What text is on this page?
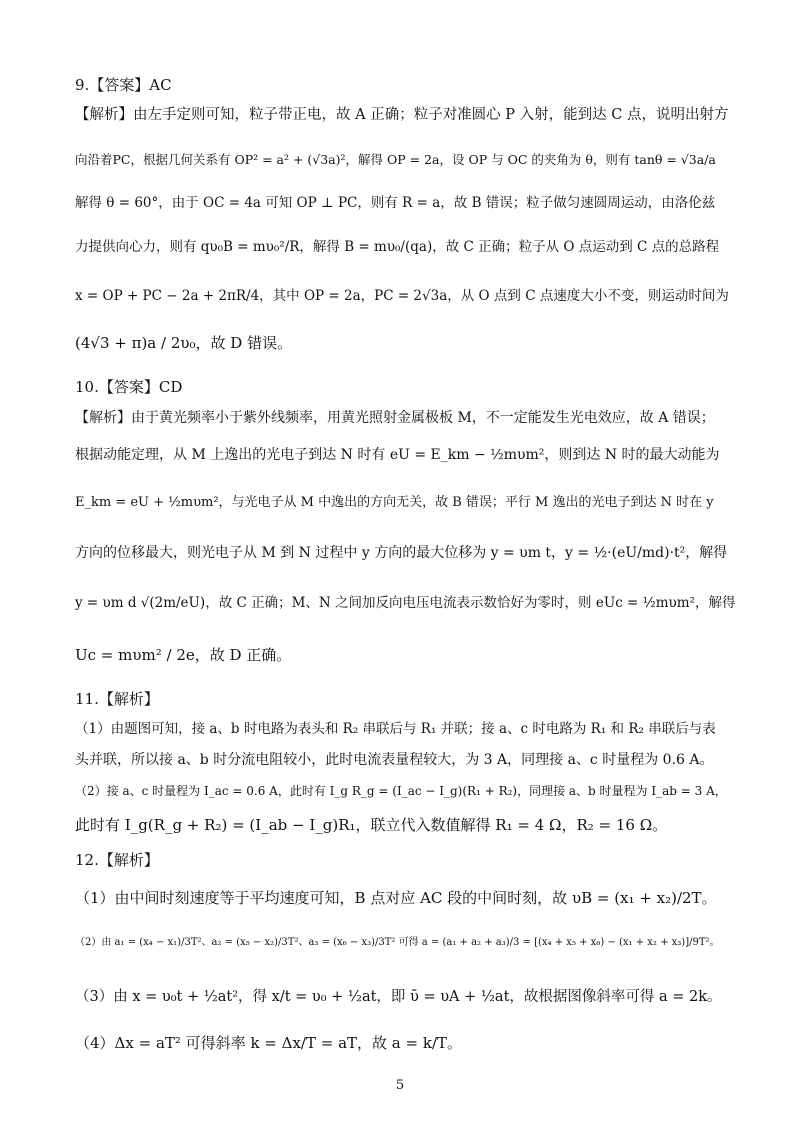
9.【答案】AC
【解析】由左手定则可知，粒子带正电，故 A 正确；粒子对准圆心 P 入射，能到达 C 点，说明出射方
向沿着PC，根据几何关系有 OP² = a² + (√3a)²，解得 OP = 2a，设 OP 与 OC 的夹角为 θ，则有 tanθ = √3a/a
解得 θ = 60°，由于 OC = 4a 可知 OP ⊥ PC，则有 R = a，故 B 错误；粒子做匀速圆周运动，由洛伦兹
力提供向心力，则有 qυ₀B = mυ₀²/R，解得 B = mυ₀/(qa)，故 C 正确；粒子从 O 点运动到 C 点的总路程
x = OP + PC − 2a + 2πR/4，其中 OP = 2a，PC = 2√3a，从 O 点到 C 点速度大小不变，则运动时间为
(4√3 + π)a / 2υ₀，故 D 错误。
10.【答案】CD
【解析】由于黄光频率小于紫外线频率，用黄光照射金属极板 M，不一定能发生光电效应，故 A 错误；
根据动能定理，从 M 上逸出的光电子到达 N 时有 eU = E_km − ½mυm²，则到达 N 时的最大动能为
E_km = eU + ½mυm²，与光电子从 M 中逸出的方向无关，故 B 错误；平行 M 逸出的光电子到达 N 时在 y
方向的位移最大，则光电子从 M 到 N 过程中 y 方向的最大位移为 y = υm t，y = ½·(eU/md)·t²，解得
y = υm d √(2m/eU)，故 C 正确；M、N 之间加反向电压电流表示数恰好为零时，则 eUc = ½mυm²，解得
Uc = mυm² / 2e，故 D 正确。
11.【解析】
（1）由题图可知，接 a、b 时电路为表头和 R₂ 串联后与 R₁ 并联；接 a、c 时电路为 R₁ 和 R₂ 串联后与表
头并联，所以接 a、b 时分流电阻较小，此时电流表量程较大，为 3 A，同理接 a、c 时量程为 0.6 A。
（2）接 a、c 时量程为 I_ac = 0.6 A，此时有 I_g R_g = (I_ac − I_g)(R₁ + R₂)，同理接 a、b 时量程为 I_ab = 3 A，
此时有 I_g(R_g + R₂) = (I_ab − I_g)R₁，联立代入数值解得 R₁ = 4 Ω，R₂ = 16 Ω。
12.【解析】
（1）由中间时刻速度等于平均速度可知，B 点对应 AC 段的中间时刻，故 υB = (x₁ + x₂)/2T。
（2）由 a₁ = (x₄ − x₁)/3T²、a₂ = (x₅ − x₂)/3T²、a₃ = (x₆ − x₃)/3T² 可得 a = (a₁ + a₂ + a₃)/3 = [(x₄ + x₅ + x₆) − (x₁ + x₂ + x₃)]/9T²。
（3）由 x = υ₀t + ½at²，得 x/t = υ₀ + ½at，即 ῡ = υA + ½at，故根据图像斜率可得 a = 2k。
（4）Δx = aT² 可得斜率 k = Δx/T = aT，故 a = k/T。
5
